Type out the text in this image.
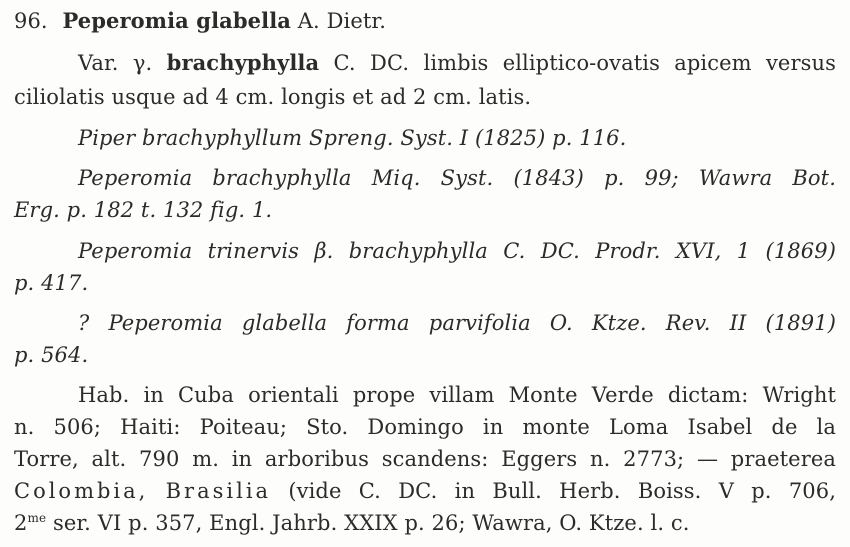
96. Peperomia glabella A. Dietr.
Var. γ. brachyphylla C. DC. limbis elliptico-ovatis apicem versus
ciliolatis usque ad 4 cm. longis et ad 2 cm. latis.
Piper brachyphyllum Spreng. Syst. I (1825) p. 116.
Peperomia brachyphylla Miq. Syst. (1843) p. 99; Wawra Bot.
Erg. p. 182 t. 132 fig. 1.
Peperomia trinervis β. brachyphylla C. DC. Prodr. XVI, 1 (1869)
p. 417.
? Peperomia glabella forma parvifolia O. Ktze. Rev. II (1891)
p. 564.
Hab. in Cuba orientali prope villam Monte Verde dictam: Wright
n. 506; Haiti: Poiteau; Sto. Domingo in monte Loma Isabel de la
Torre, alt. 790 m. in arboribus scandens: Eggers n. 2773; — praeterea
Colombia, Brasilia (vide C. DC. in Bull. Herb. Boiss. V p. 706,
$2^{me}$ ser. VI p. 357, Engl. Jahrb. XXIX p. 26; Wawra, O. Ktze. l. c.
